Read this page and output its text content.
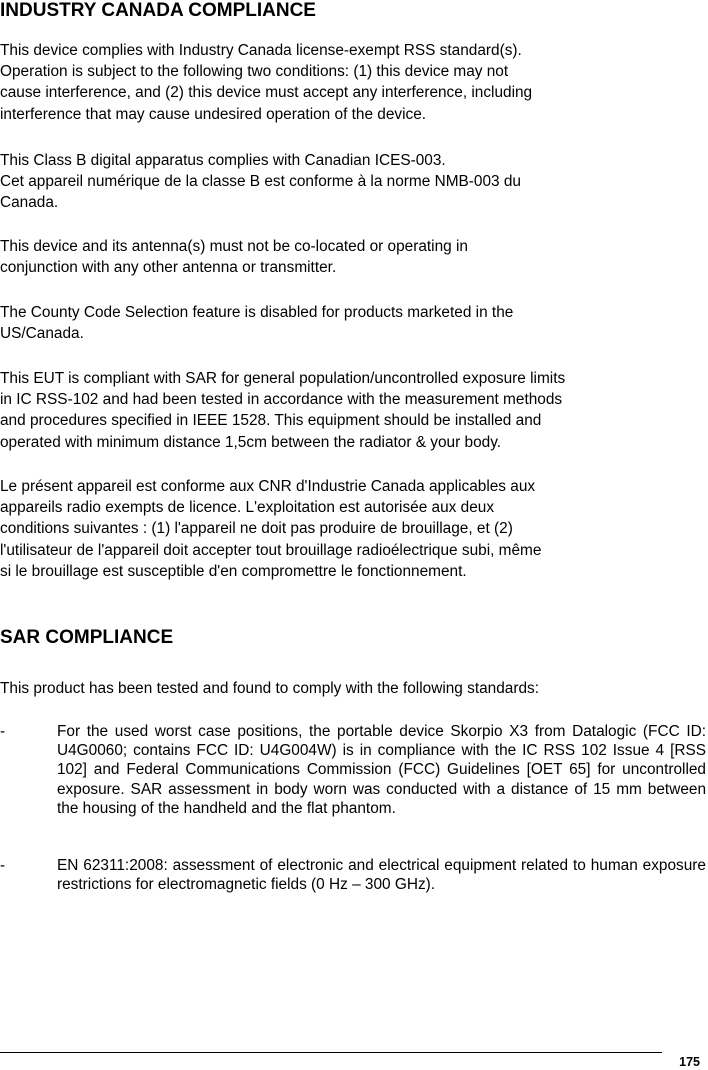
INDUSTRY CANADA COMPLIANCE

This device complies with Industry Canada license-exempt RSS standard(s).
Operation is subject to the following two conditions: (1) this device may not
cause interference, and (2) this device must accept any interference, including
interference that may cause undesired operation of the device.

This Class B digital apparatus complies with Canadian ICES-003.
Cet appareil numérique de la classe B est conforme à la norme NMB-003 du
Canada.

This device and its antenna(s) must not be co-located or operating in
conjunction with any other antenna or transmitter.

The County Code Selection feature is disabled for products marketed in the
US/Canada.

This EUT is compliant with SAR for general population/uncontrolled exposure limits
in IC RSS-102 and had been tested in accordance with the measurement methods
and procedures specified in IEEE 1528. This equipment should be installed and
operated with minimum distance 1,5cm between the radiator & your body.

Le présent appareil est conforme aux CNR d'Industrie Canada applicables aux
appareils radio exempts de licence. L'exploitation est autorisée aux deux
conditions suivantes : (1) l'appareil ne doit pas produire de brouillage, et (2)
l'utilisateur de l'appareil doit accepter tout brouillage radioélectrique subi, même
si le brouillage est susceptible d'en compromettre le fonctionnement.

SAR COMPLIANCE

This product has been tested and found to comply with the following standards:

-	For the used worst case positions, the portable device Skorpio X3 from Datalogic (FCC ID: U4G0060; contains FCC ID: U4G004W) is in compliance with the IC RSS 102 Issue 4 [RSS 102] and Federal Communications Commission (FCC) Guidelines [OET 65] for uncontrolled exposure. SAR assessment in body worn was conducted with a distance of 15 mm between the housing of the handheld and the flat phantom.

-	EN 62311:2008: assessment of electronic and electrical equipment related to human exposure restrictions for electromagnetic fields (0 Hz – 300 GHz).

175
